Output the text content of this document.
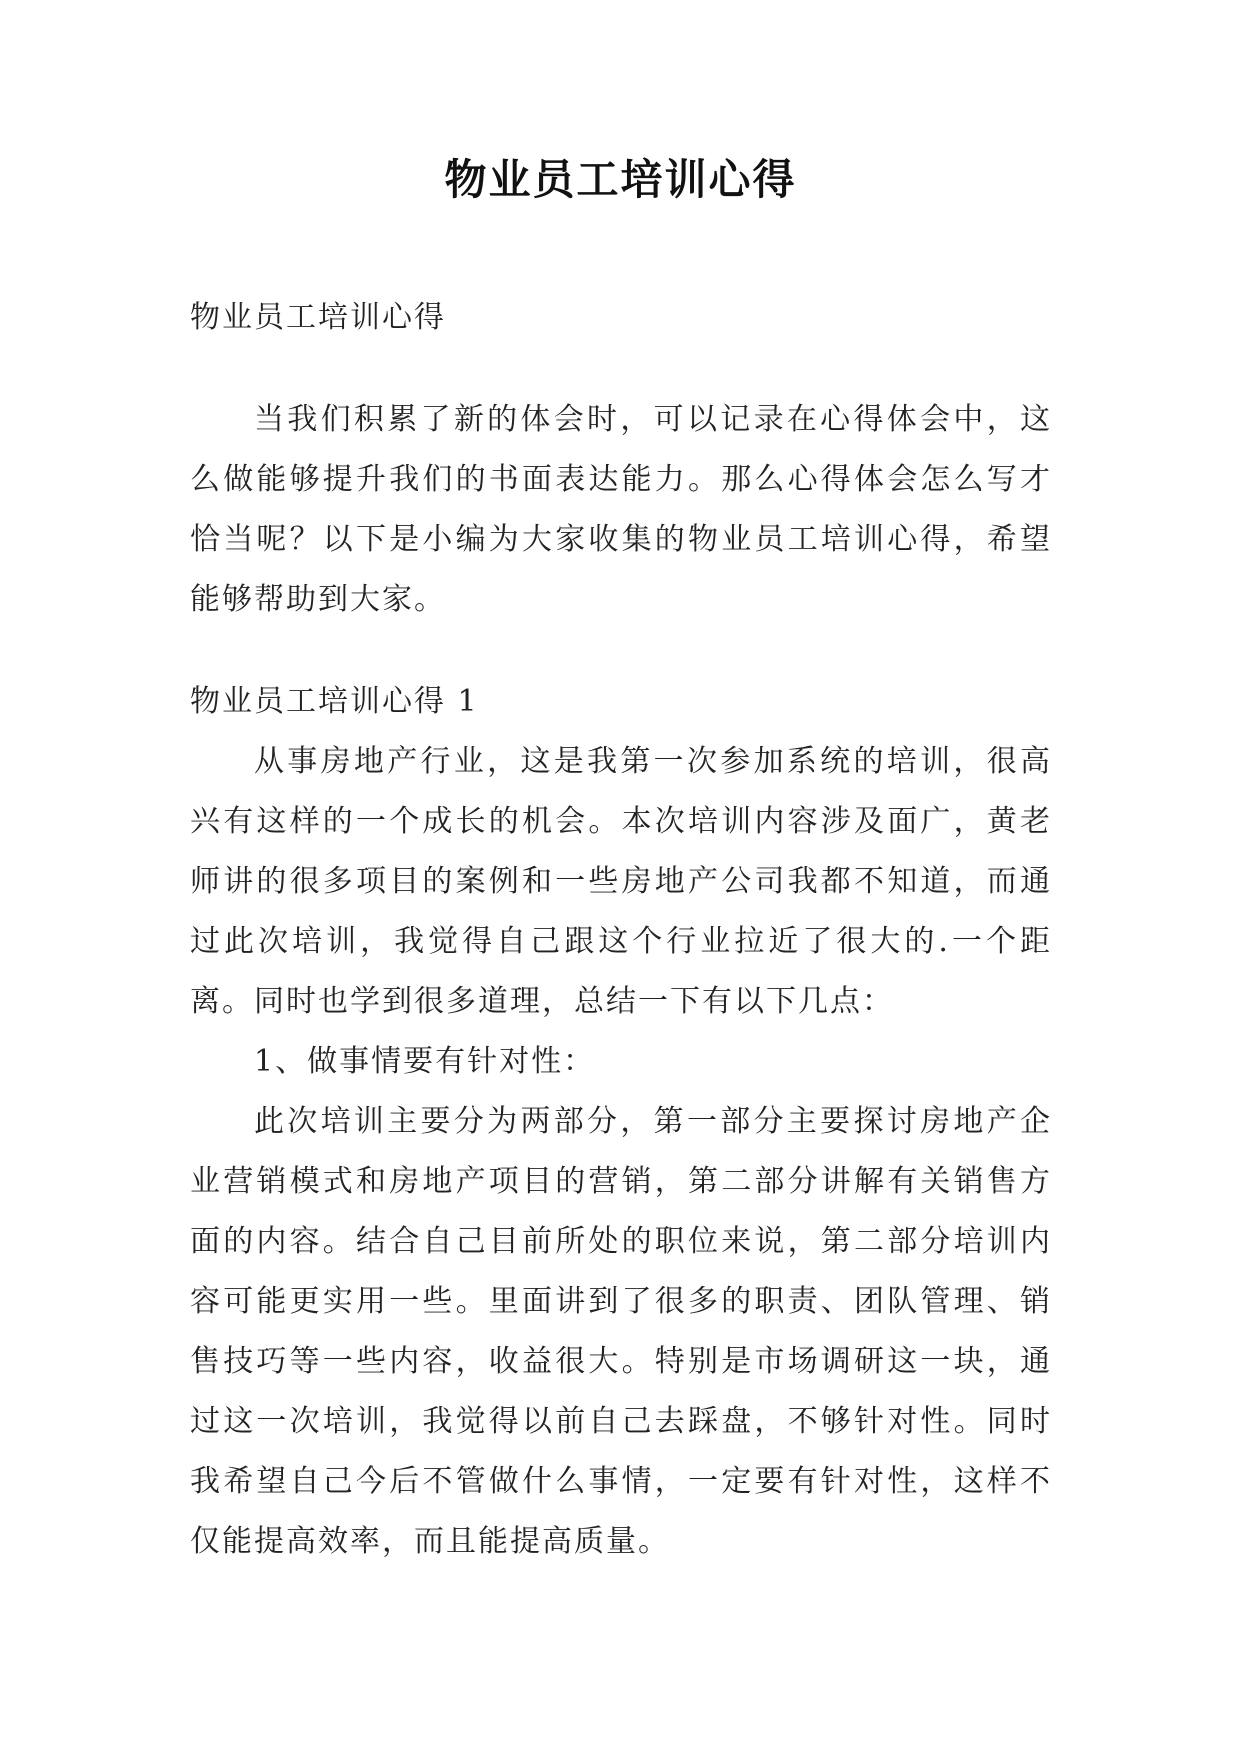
物业员工培训心得

物业员工培训心得

当我们积累了新的体会时，可以记录在心得体会中，这么做能够提升我们的书面表达能力。那么心得体会怎么写才恰当呢？以下是小编为大家收集的物业员工培训心得，希望能够帮助到大家。

物业员工培训心得 1

从事房地产行业，这是我第一次参加系统的培训，很高兴有这样的一个成长的机会。本次培训内容涉及面广，黄老师讲的很多项目的案例和一些房地产公司我都不知道，而通过此次培训，我觉得自己跟这个行业拉近了很大的.一个距离。同时也学到很多道理，总结一下有以下几点：

1、做事情要有针对性：

此次培训主要分为两部分，第一部分主要探讨房地产企业营销模式和房地产项目的营销，第二部分讲解有关销售方面的内容。结合自己目前所处的职位来说，第二部分培训内容可能更实用一些。里面讲到了很多的职责、团队管理、销售技巧等一些内容，收益很大。特别是市场调研这一块，通过这一次培训，我觉得以前自己去踩盘，不够针对性。同时我希望自己今后不管做什么事情，一定要有针对性，这样不仅能提高效率，而且能提高质量。
